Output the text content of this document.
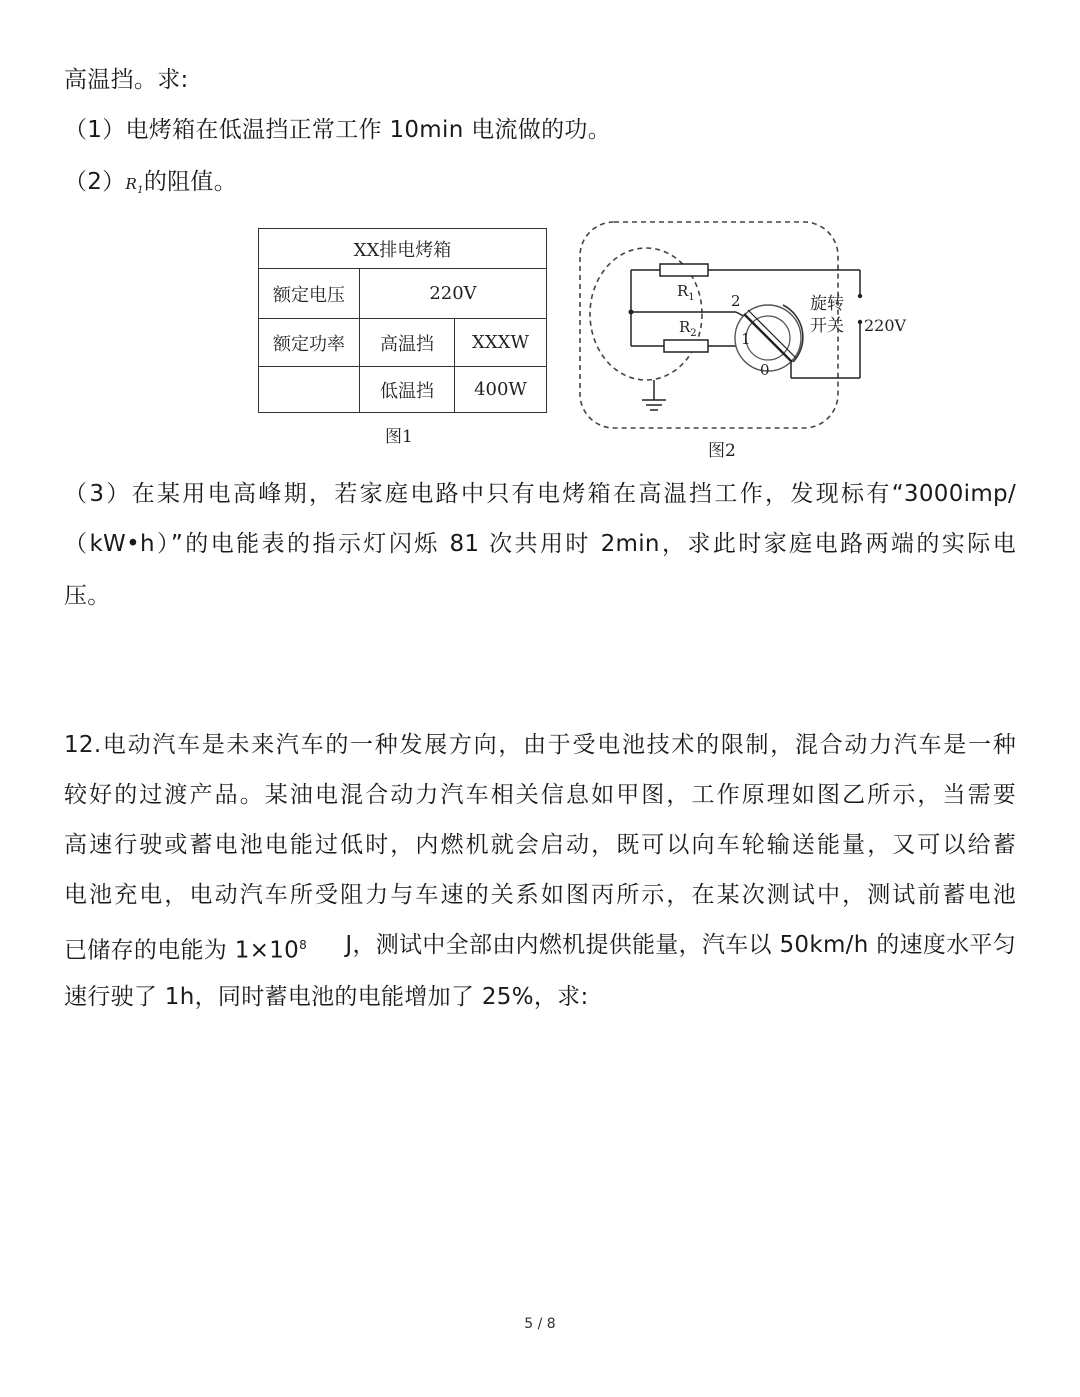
高温挡。求:
（1）电烤箱在低温挡正常工作 10min 电流做的功。
$(2)R_1$的阻值。
XX排电烤箱		
额定电压	220V	
额定功率	高温挡	XXXW
	低温挡	400W
图1
$R_1$
$R_2$
2
1
0
旋转
开关 220V
图2
（3）在某用电高峰期，若家庭电路中只有电烤箱在高温挡工作，发现标有“3000imp/
（kW•h）”的电能表的指示灯闪烁 81 次共用时 2min，求此时家庭电路两端的实际电
压。
12.电动汽车是未来汽车的一种发展方向，由于受电池技术的限制，混合动力汽车是一种
较好的过渡产品。某油电混合动力汽车相关信息如甲图，工作原理如图乙所示，当需要
高速行驶或蓄电池电能过低时，内燃机就会启动，既可以向车轮输送能量，又可以给蓄
电池充电，电动汽车所受阻力与车速的关系如图丙所示，在某次测试中，测试前蓄电池
已储存的电能为 $1\times 10^8$ J，测试中全部由内燃机提供能量，汽车以 50km/h 的速度水平匀
速行驶了 1h，同时蓄电池的电能增加了 25%，求:
5 / 8
